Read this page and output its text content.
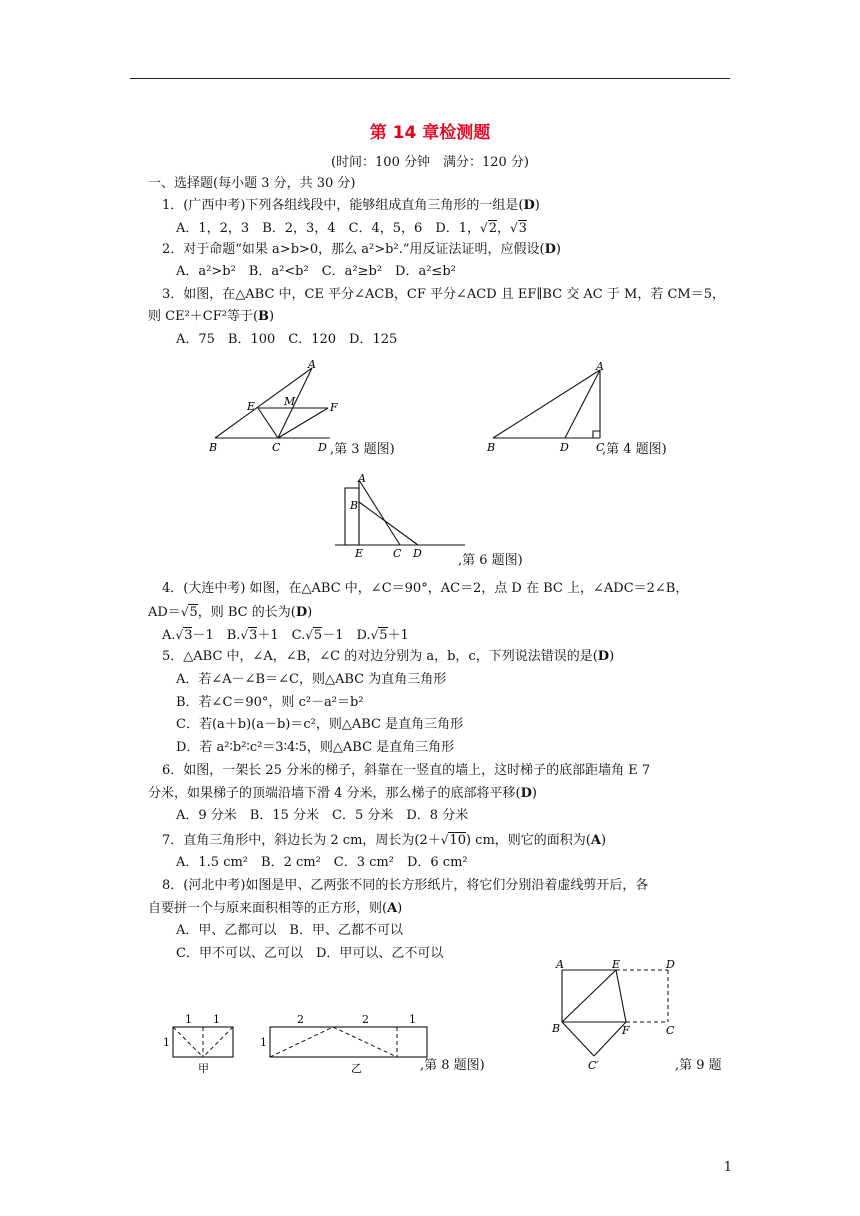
第 14 章检测题
(时间：100 分钟　满分：120 分)
一、选择题(每小题 3 分，共 30 分)
1．(广西中考)下列各组线段中，能够组成直角三角形的一组是(D)
A．1，2，3　B．2，3，4　C．4，5，6　D．1，√2，√3
2．对于命题“如果 a>b>0，那么 a²>b².”用反证法证明，应假设(D)
A．a²>b²　B．a²<b²　C．a²≥b²　D．a²≤b²
3．如图，在△ABC 中，CE 平分∠ACB，CF 平分∠ACD 且 EF∥BC 交 AC 于 M，若 CM＝5，
则 CE²＋CF²等于(B)
A．75　B．100　C．120　D．125
A
M
E	F
B	C	D ,第 3 题图)
A
B	D C
,第 4 题图)
A
B
E	C D	,第 6 题图)
4．(大连中考) 如图，在△ABC 中，∠C＝90°，AC＝2，点 D 在 BC 上，∠ADC＝2∠B，
AD＝√5，则 BC 的长为(D)
A.√3－1　B.√3＋1　C.√5－1　D.√5＋1
5．△ABC 中，∠A，∠B，∠C 的对边分别为 a，b，c，下列说法错误的是(D)
A．若∠A－∠B＝∠C，则△ABC 为直角三角形
B．若∠C＝90°，则 c²－a²＝b²
C．若(a＋b)(a－b)＝c²，则△ABC 是直角三角形
D．若 a²∶b²∶c²＝3∶4∶5，则△ABC 是直角三角形
6．如图，一架长 25 分米的梯子，斜靠在一竖直的墙上，这时梯子的底部距墙角 E 7
分米，如果梯子的顶端沿墙下滑 4 分米，那么梯子的底部将平移(D)
A．9 分米　B．15 分米　C．5 分米　D．8 分米
7．直角三角形中，斜边长为 2 cm，周长为(2＋√10) cm，则它的面积为(A)
A．1.5 cm²　B．2 cm²　C．3 cm²　D．6 cm²
8．(河北中考)如图是甲、乙两张不同的长方形纸片，将它们分别沿着虚线剪开后，各
自要拼一个与原来面积相等的正方形，则(A)
A．甲、乙都可以　B．甲、乙都不可以
C．甲不可以、乙可以　D．甲可以、乙不可以
1 1
1
甲
2	2	1
1
乙	,第 8 题图)
A	E	D
B	F	C
C′	,第 9 题
1
